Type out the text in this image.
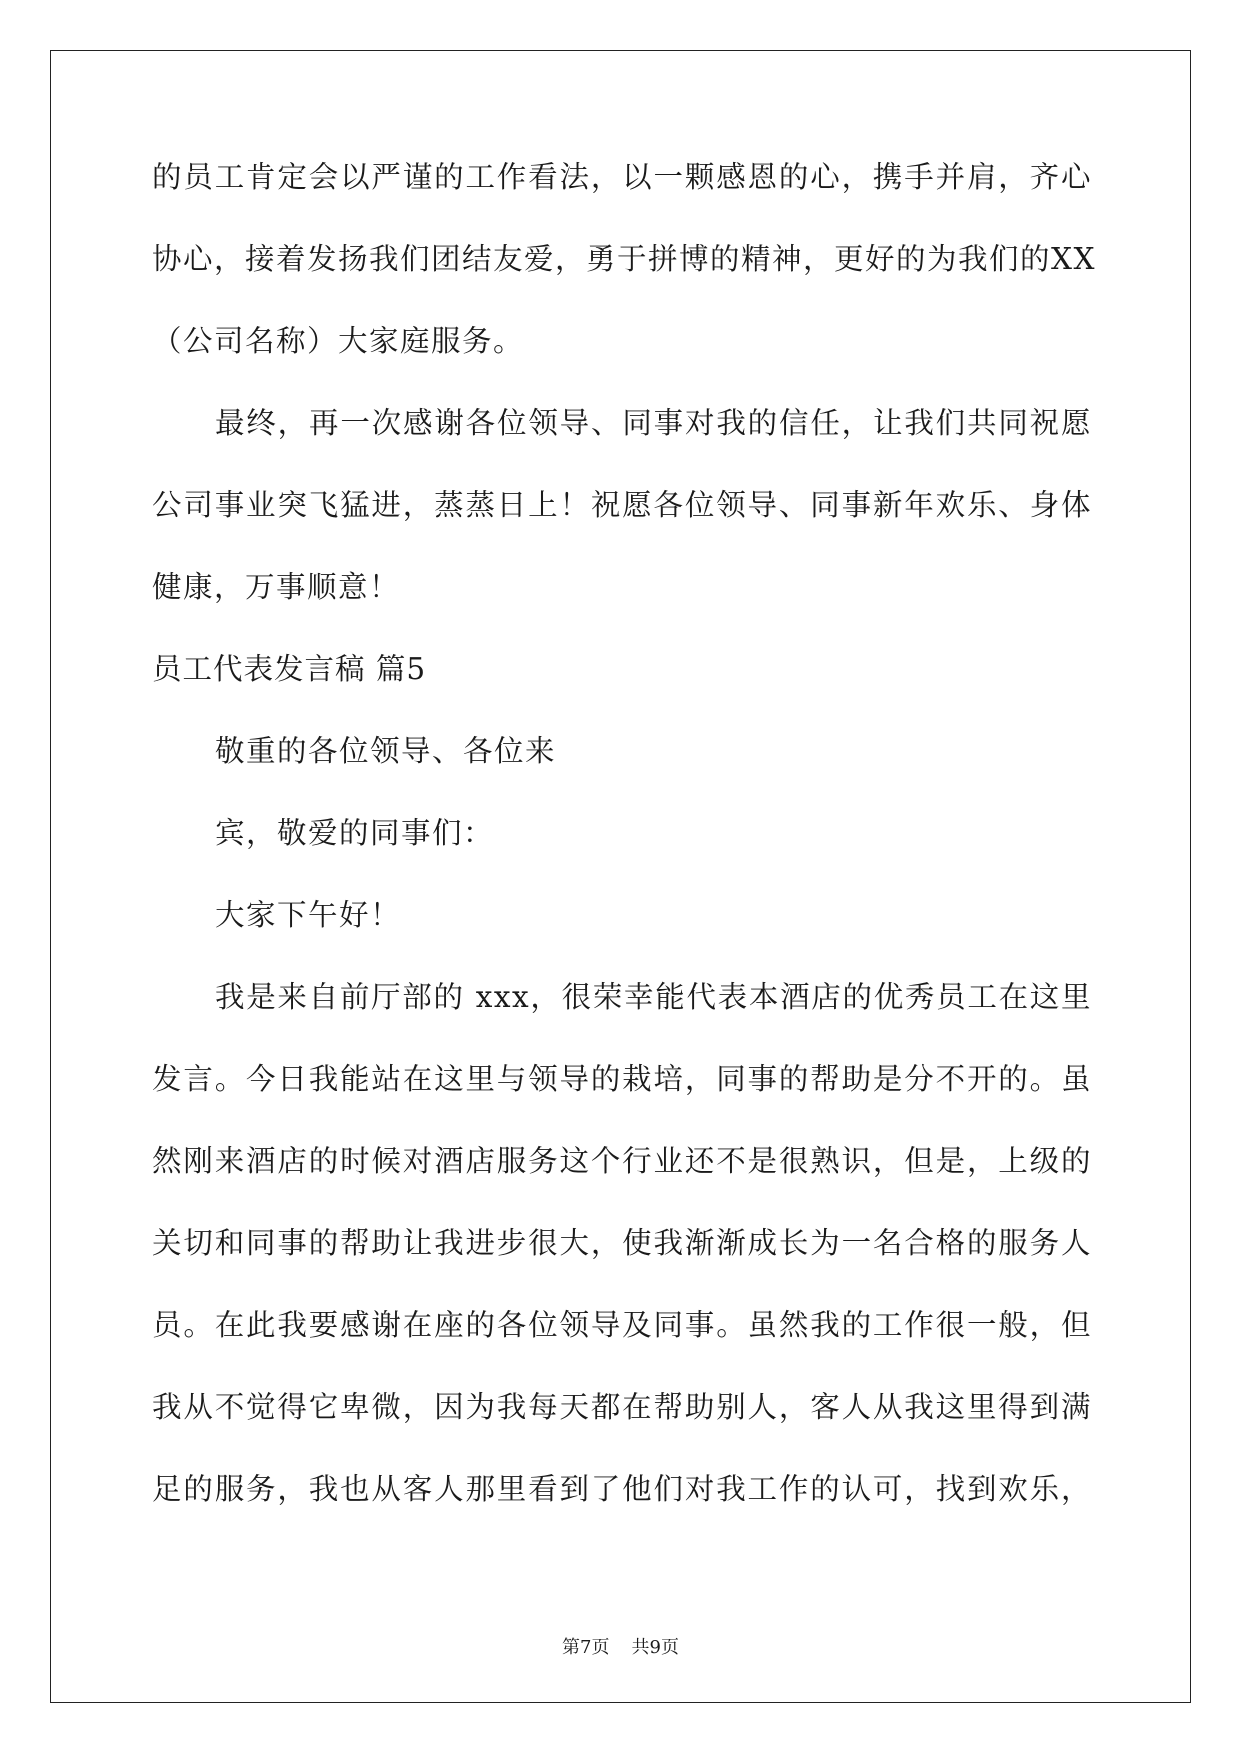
的员工肯定会以严谨的工作看法，以一颗感恩的心，携手并肩，齐心
协心，接着发扬我们团结友爱，勇于拼博的精神，更好的为我们的XX
（公司名称）大家庭服务。
最终，再一次感谢各位领导、同事对我的信任，让我们共同祝愿
公司事业突飞猛进，蒸蒸日上！祝愿各位领导、同事新年欢乐、身体
健康，万事顺意！
员工代表发言稿 篇5
敬重的各位领导、各位来
宾，敬爱的同事们：
大家下午好！
我是来自前厅部的 xxx，很荣幸能代表本酒店的优秀员工在这里
发言。今日我能站在这里与领导的栽培，同事的帮助是分不开的。虽
然刚来酒店的时候对酒店服务这个行业还不是很熟识，但是，上级的
关切和同事的帮助让我进步很大，使我渐渐成长为一名合格的服务人
员。在此我要感谢在座的各位领导及同事。虽然我的工作很一般，但
我从不觉得它卑微，因为我每天都在帮助别人，客人从我这里得到满
足的服务，我也从客人那里看到了他们对我工作的认可，找到欢乐，
第7页 共9页
